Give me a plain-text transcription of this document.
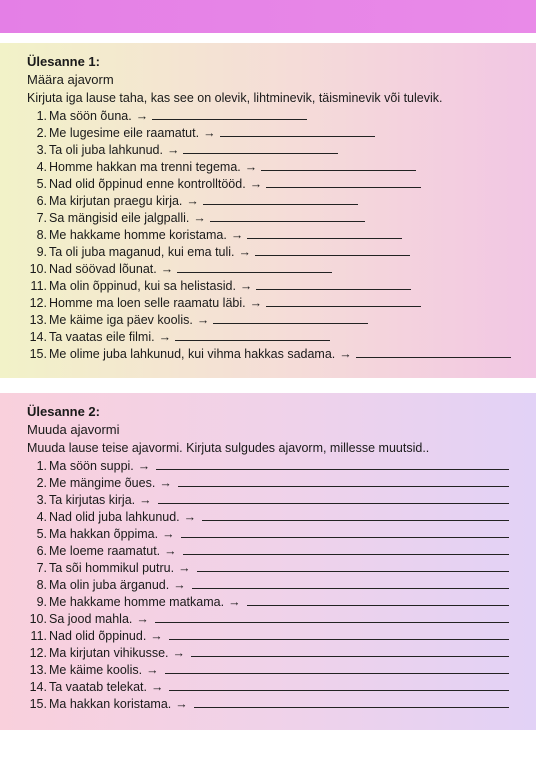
Ülesanne 1:
Määra ajavorm
Kirjuta iga lause taha, kas see on olevik, lihtminevik, täisminevik või tulevik.
1. Ma söön õuna. →
2. Me lugesime eile raamatut. →
3. Ta oli juba lahkunud. →
4. Homme hakkan ma trenni tegema. →
5. Nad olid õppinud enne kontrolltööd. →
6. Ma kirjutan praegu kirja. →
7. Sa mängisid eile jalgpalli. →
8. Me hakkame homme koristama. →
9. Ta oli juba maganud, kui ema tuli. →
10. Nad söövad lõunat. →
11. Ma olin õppinud, kui sa helistasid. →
12. Homme ma loen selle raamatu läbi. →
13. Me käime iga päev koolis. →
14. Ta vaatas eile filmi. →
15. Me olime juba lahkunud, kui vihma hakkas sadama. →
Ülesanne 2:
Muuda ajavormi
Muuda lause teise ajavormi. Kirjuta sulgudes ajavorm, millesse muutsid..
1. Ma söön suppi. →
2. Me mängime õues. →
3. Ta kirjutas kirja. →
4. Nad olid juba lahkunud. →
5. Ma hakkan õppima. →
6. Me loeme raamatut. →
7. Ta sõi hommikul putru. →
8. Ma olin juba ärganud. →
9. Me hakkame homme matkama. →
10. Sa jood mahla. →
11. Nad olid õppinud. →
12. Ma kirjutan vihikusse. →
13. Me käime koolis. →
14. Ta vaatab telekat. →
15. Ma hakkan koristama. →
